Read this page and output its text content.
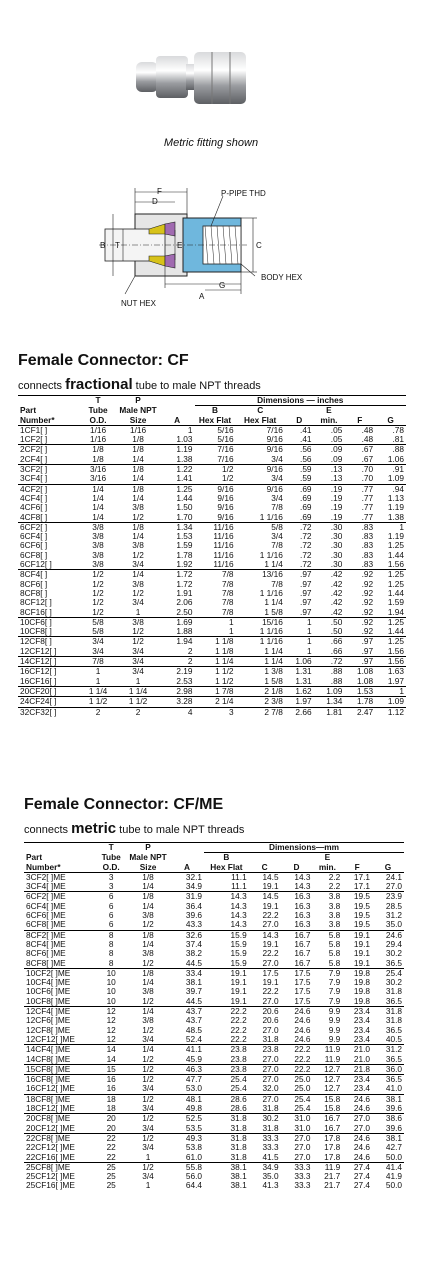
Metric fitting shown
F
D
B T	E	C
G
A
P-PIPE THD
BODY HEX
NUT HEX
Female Connector: CF
connects fractional tube to male NPT threads
	T	P		Dimensions — inches					
Part	Tube	Male NPT		B	C		E		
Number*	O.D.	Size	A	Hex Flat	Hex Flat	D	min.	F	G
1CF1[ ]	1/16	1/16	1	5/16	7/16	.41	.05	.48	.78
1CF2[ ]	1/16	1/8	1.03	5/16	9/16	.41	.05	.48	.81
2CF2[ ]	1/8	1/8	1.19	7/16	9/16	.56	.09	.67	.88
2CF4[ ]	1/8	1/4	1.38	7/16	3/4	.56	.09	.67	1.06
3CF2[ ]	3/16	1/8	1.22	1/2	9/16	.59	.13	.70	.91
3CF4[ ]	3/16	1/4	1.41	1/2	3/4	.59	.13	.70	1.09
4CF2[ ]	1/4	1/8	1.25	9/16	9/16	.69	.19	.77	.94
4CF4[ ]	1/4	1/4	1.44	9/16	3/4	.69	.19	.77	1.13
4CF6[ ]	1/4	3/8	1.50	9/16	7/8	.69	.19	.77	1.19
4CF8[ ]	1/4	1/2	1.70	9/16	1 1/16	.69	.19	.77	1.38
6CF2[ ]	3/8	1/8	1.34	11/16	5/8	.72	.30	.83	1
6CF4[ ]	3/8	1/4	1.53	11/16	3/4	.72	.30	.83	1.19
6CF6[ ]	3/8	3/8	1.59	11/16	7/8	.72	.30	.83	1.25
6CF8[ ]	3/8	1/2	1.78	11/16	1 1/16	.72	.30	.83	1.44
6CF12[ ]	3/8	3/4	1.92	11/16	1 1/4	.72	.30	.83	1.56
8CF4[ ]	1/2	1/4	1.72	7/8	13/16	.97	.42	.92	1.25
8CF6[ ]	1/2	3/8	1.72	7/8	7/8	.97	.42	.92	1.25
8CF8[ ]	1/2	1/2	1.91	7/8	1 1/16	.97	.42	.92	1.44
8CF12[ ]	1/2	3/4	2.06	7/8	1 1/4	.97	.42	.92	1.59
8CF16[ ]	1/2	1	2.50	7/8	1 5/8	.97	.42	.92	1.94
10CF6[ ]	5/8	3/8	1.69	1	15/16	1	.50	.92	1.25
10CF8[ ]	5/8	1/2	1.88	1	1 1/16	1	.50	.92	1.44
12CF8[ ]	3/4	1/2	1.94	1 1/8	1 1/16	1	.66	.97	1.25
12CF12[ ]	3/4	3/4	2	1 1/8	1 1/4	1	.66	.97	1.56
14CF12[ ]	7/8	3/4	2	1 1/4	1 1/4	1.06	.72	.97	1.56
16CF12[ ]	1	3/4	2.19	1 1/2	1 3/8	1.31	.88	1.08	1.63
16CF16[ ]	1	1	2.53	1 1/2	1 5/8	1.31	.88	1.08	1.97
20CF20[ ]	1 1/4	1 1/4	2.98	1 7/8	2 1/8	1.62	1.09	1.53	1
24CF24[ ]	1 1/2	1 1/2	3.28	2 1/4	2 3/8	1.97	1.34	1.78	1.09
32CF32[ ]	2	2	4	3	2 7/8	2.66	1.81	2.47	1.12
Female Connector: CF/ME
connects metric tube to male NPT threads
	T	P		Dimensions—mm					
Part	Tube	Male NPT		B			E		
Number*	O.D.	Size	A	Hex Flat	C	D	min.	F	G
3CF2[ ]ME	3	1/8	32.1	11.1	14.5	14.3	2.2	17.1	24.1
3CF4[ ]ME	3	1/4	34.9	11.1	19.1	14.3	2.2	17.1	27.0
6CF2[ ]ME	6	1/8	31.9	14.3	14.5	16.3	3.8	19.5	23.9
6CF4[ ]ME	6	1/4	36.4	14.3	19.1	16.3	3.8	19.5	28.5
6CF6[ ]ME	6	3/8	39.6	14.3	22.2	16.3	3.8	19.5	31.2
6CF8[ ]ME	6	1/2	43.3	14.3	27.0	16.3	3.8	19.5	35.0
8CF2[ ]ME	8	1/8	32.6	15.9	14.3	16.7	5.8	19.1	24.6
8CF4[ ]ME	8	1/4	37.4	15.9	19.1	16.7	5.8	19.1	29.4
8CF6[ ]ME	8	3/8	38.2	15.9	22.2	16.7	5.8	19.1	30.2
8CF8[ ]ME	8	1/2	44.5	15.9	27.0	16.7	5.8	19.1	36.5
10CF2[ ]ME	10	1/8	33.4	19.1	17.5	17.5	7.9	19.8	25.4
10CF4[ ]ME	10	1/4	38.1	19.1	19.1	17.5	7.9	19.8	30.2
10CF6[ ]ME	10	3/8	39.7	19.1	22.2	17.5	7.9	19.8	31.8
10CF8[ ]ME	10	1/2	44.5	19.1	27.0	17.5	7.9	19.8	36.5
12CF4[ ]ME	12	1/4	43.7	22.2	20.6	24.6	9.9	23.4	31.8
12CF6[ ]ME	12	3/8	43.7	22.2	20.6	24.6	9.9	23.4	31.8
12CF8[ ]ME	12	1/2	48.5	22.2	27.0	24.6	9.9	23.4	36.5
12CF12[ ]ME	12	3/4	52.4	22.2	31.8	24.6	9.9	23.4	40.5
14CF4[ ]ME	14	1/4	41.1	23.8	23.8	22.2	11.9	21.0	31.2
14CF8[ ]ME	14	1/2	45.9	23.8	27.0	22.2	11.9	21.0	36.5
15CF8[ ]ME	15	1/2	46.3	23.8	27.0	22.2	12.7	21.8	36.0
16CF8[ ]ME	16	1/2	47.7	25.4	27.0	25.0	12.7	23.4	36.5
16CF12[ ]ME	16	3/4	53.0	25.4	32.0	25.0	12.7	23.4	41.0
18CF8[ ]ME	18	1/2	48.1	28.6	27.0	25.4	15.8	24.6	38.1
18CF12[ ]ME	18	3/4	49.8	28.6	31.8	25.4	15.8	24.6	39.6
20CF8[ ]ME	20	1/2	52.5	31.8	30.2	31.0	16.7	27.0	38.6
20CF12[ ]ME	20	3/4	53.5	31.8	31.8	31.0	16.7	27.0	39.6
22CF8[ ]ME	22	1/2	49.3	31.8	33.3	27.0	17.8	24.6	38.1
22CF12[ ]ME	22	3/4	53.8	31.8	33.3	27.0	17.8	24.6	42.7
22CF16[ ]ME	22	1	61.0	31.8	41.5	27.0	17.8	24.6	50.0
25CF8[ ]ME	25	1/2	55.8	38.1	34.9	33.3	11.9	27.4	41.4
25CF12[ ]ME	25	3/4	56.0	38.1	35.0	33.3	21.7	27.4	41.9
25CF16[ ]ME	25	1	64.4	38.1	41.3	33.3	21.7	27.4	50.0
